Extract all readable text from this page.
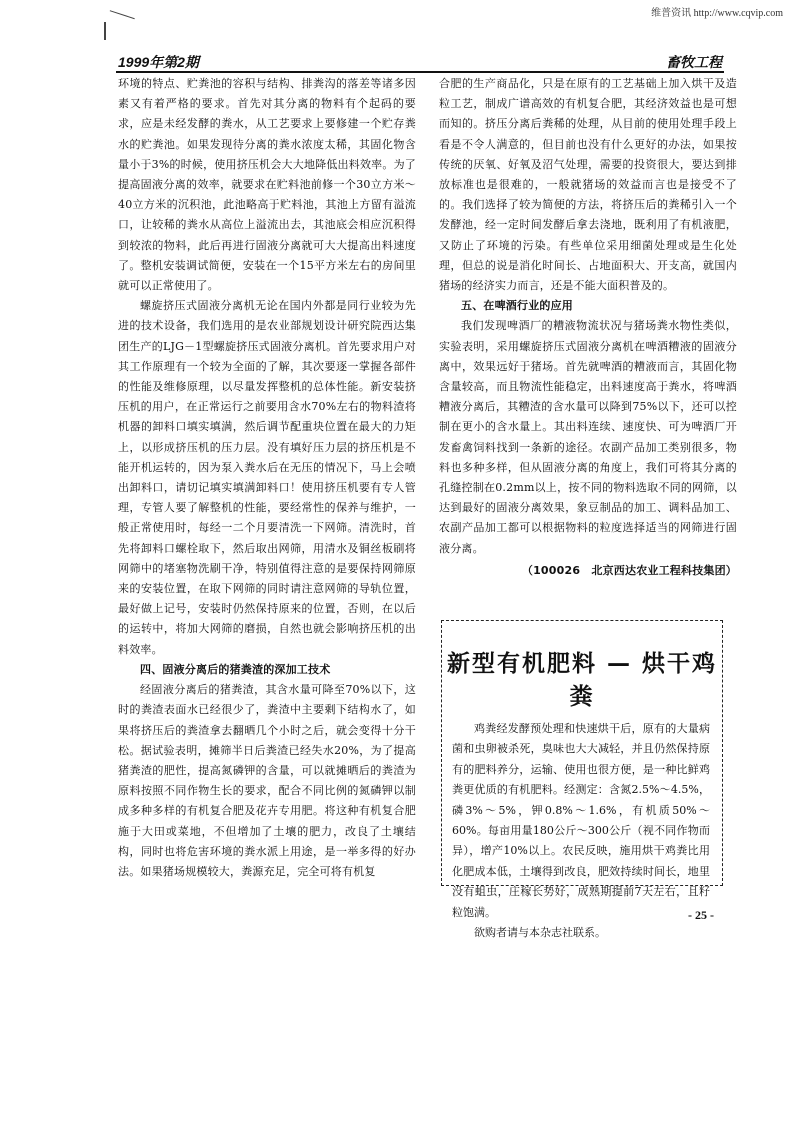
维普资讯 http://www.cqvip.com
1999年第2期	畜牧工程

环境的特点、贮粪池的容积与结构、排粪沟的落差等诸多因素又有着严格的要求。首先对其分离的物料有个起码的要求，应是未经发酵的粪水，从工艺要求上要修建一个贮存粪水的贮粪池。如果发现待分离的粪水浓度太稀，其固化物含量小于3%的时候，使用挤压机会大大地降低出料效率。为了提高固液分离的效率，就要求在贮料池前修一个30立方米～40立方米的沉积池，此池略高于贮料池，其池上方留有溢流口，让较稀的粪水从高位上溢流出去，其池底会相应沉积得到较浓的物料，此后再进行固液分离就可大大提高出料速度了。整机安装调试简便，安装在一个15平方米左右的房间里就可以正常使用了。

螺旋挤压式固液分离机无论在国内外都是同行业较为先进的技术设备，我们选用的是农业部规划设计研究院西达集团生产的LJG－1型螺旋挤压式固液分离机。首先要求用户对其工作原理有一个较为全面的了解，其次要逐一掌握各部件的性能及维修原理，以尽量发挥整机的总体性能。新安装挤压机的用户，在正常运行之前要用含水70%左右的物料渣将机器的卸料口填实填满，然后调节配重块位置在最大的力矩上，以形成挤压机的压力层。没有填好压力层的挤压机是不能开机运转的，因为泵入粪水后在无压的情况下，马上会喷出卸料口，请切记填实填满卸料口！使用挤压机要有专人管理，专管人要了解整机的性能，要经常性的保养与维护，一般正常使用时，每经一二个月要清洗一下网筛。清洗时，首先将卸料口螺栓取下，然后取出网筛，用清水及铜丝板刷将网筛中的堵塞物洗刷干净，特别值得注意的是要保持网筛原来的安装位置，在取下网筛的同时请注意网筛的导轨位置，最好做上记号，安装时仍然保持原来的位置，否则，在以后的运转中，将加大网筛的磨损，自然也就会影响挤压机的出料效率。

四、固液分离后的猪粪渣的深加工技术

经固液分离后的猪粪渣，其含水量可降至70%以下，这时的粪渣表面水已经很少了，粪渣中主要剩下结构水了，如果将挤压后的粪渣拿去翻晒几个小时之后，就会变得十分干松。据试验表明，摊筛半日后粪渣已经失水20%，为了提高猪粪渣的肥性，提高氮磷钾的含量，可以就摊晒后的粪渣为原料按照不同作物生长的要求，配合不同比例的氮磷钾以制成多种多样的有机复合肥及花卉专用肥。将这种有机复合肥施于大田或菜地，不但增加了土壤的肥力，改良了土壤结构，同时也将危害环境的粪水派上用途，是一举多得的好办法。如果猪场规模较大，粪源充足，完全可将有机复

合肥的生产商品化，只是在原有的工艺基础上加入烘干及造粒工艺，制成广谱高效的有机复合肥，其经济效益也是可想而知的。挤压分离后粪稀的处理，从目前的使用处理手段上看是不令人满意的，但目前也没有什么更好的办法，如果按传统的厌氧、好氧及沼气处理，需要的投资很大，要达到排放标准也是很难的，一般就猪场的效益而言也是接受不了的。我们选择了较为简便的方法，将挤压后的粪稀引入一个发酵池，经一定时间发酵后拿去浇地，既利用了有机液肥，又防止了环境的污染。有些单位采用细菌处理或是生化处理，但总的说是消化时间长、占地面积大、开支高，就国内猪场的经济实力而言，还是不能大面积普及的。

五、在啤酒行业的应用

我们发现啤酒厂的糟液物流状况与猪场粪水物性类似，实验表明，采用螺旋挤压式固液分离机在啤酒糟液的固液分离中，效果远好于猪场。首先就啤酒的糟液而言，其固化物含量较高，而且物流性能稳定，出料速度高于粪水，将啤酒糟液分离后，其糟渣的含水量可以降到75%以下，还可以控制在更小的含水量上。其出料连续、速度快、可为啤酒厂开发畜禽饲料找到一条新的途径。农副产品加工类别很多，物料也多种多样，但从固液分离的角度上，我们可将其分离的孔缝控制在0.2mm以上，按不同的物料选取不同的网筛，以达到最好的固液分离效果，象豆制品的加工、调料品加工、农副产品加工都可以根据物料的粒度选择适当的网筛进行固液分离。

（100026　北京西达农业工程科技集团）
新型有机肥料 — 烘干鸡粪

鸡粪经发酵预处理和快速烘干后，原有的大量病菌和虫卵被杀死，臭味也大大减轻，并且仍然保持原有的肥料养分，运输、使用也很方便，是一种比鲜鸡粪更优质的有机肥料。经测定：含氮2.5%～4.5%，磷3%～5%，钾0.8%～1.6%，有机质50%～60%。每亩用量180公斤～300公斤（视不同作物而异），增产10%以上。农民反映，施用烘干鸡粪比用化肥成本低，土壤得到改良，肥效持续时间长，地里没有蛆虫，庄稼长势好，成熟期提前7天左右，且籽粒饱满。

欲购者请与本杂志社联系。

- 25 -
